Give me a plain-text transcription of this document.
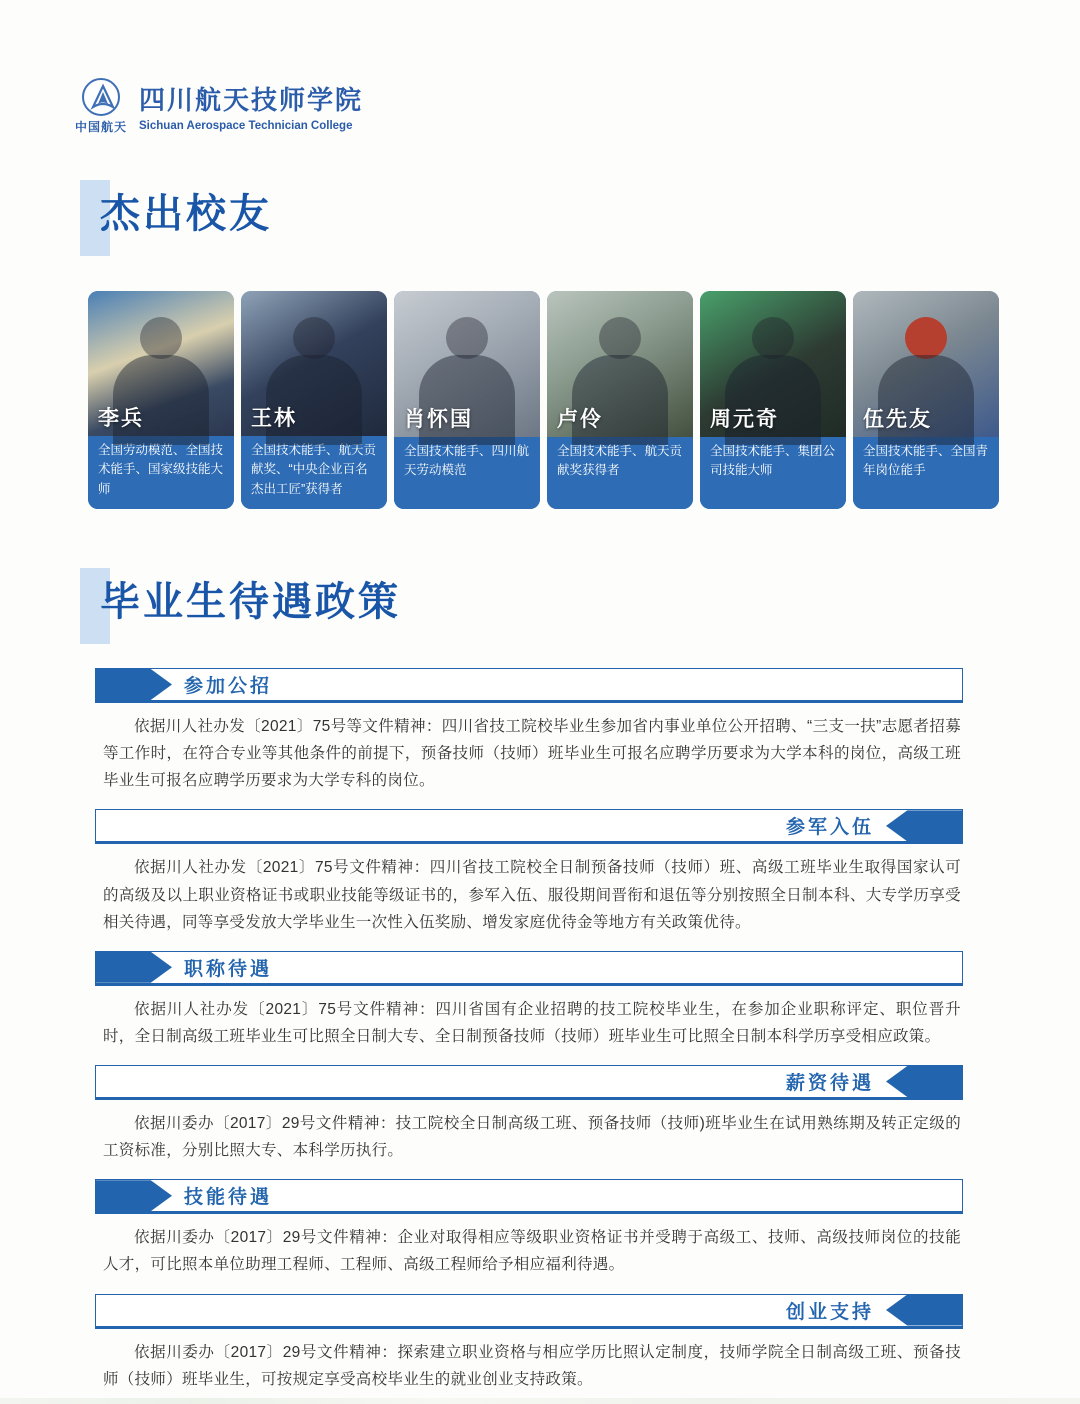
中国航天
四川航天技师学院
Sichuan Aerospace Technician College
杰出校友
李兵
全国劳动模范、全国技术能手、国家级技能大师
王林
全国技术能手、航天贡献奖、“中央企业百名杰出工匠”获得者
肖怀国
全国技术能手、四川航天劳动模范
卢伶
全国技术能手、航天贡献奖获得者
周元奇
全国技术能手、集团公司技能大师
伍先友
全国技术能手、全国青年岗位能手
毕业生待遇政策
参加公招
依据川人社办发〔2021〕75号等文件精神：四川省技工院校毕业生参加省内事业单位公开招聘、“三支一扶”志愿者招募等工作时，在符合专业等其他条件的前提下，预备技师（技师）班毕业生可报名应聘学历要求为大学本科的岗位，高级工班毕业生可报名应聘学历要求为大学专科的岗位。
参军入伍
依据川人社办发〔2021〕75号文件精神：四川省技工院校全日制预备技师（技师）班、高级工班毕业生取得国家认可的高级及以上职业资格证书或职业技能等级证书的，参军入伍、服役期间晋衔和退伍等分别按照全日制本科、大专学历享受相关待遇，同等享受发放大学毕业生一次性入伍奖励、增发家庭优待金等地方有关政策优待。
职称待遇
依据川人社办发〔2021〕75号文件精神：四川省国有企业招聘的技工院校毕业生，在参加企业职称评定、职位晋升时，全日制高级工班毕业生可比照全日制大专、全日制预备技师（技师）班毕业生可比照全日制本科学历享受相应政策。
薪资待遇
依据川委办〔2017〕29号文件精神：技工院校全日制高级工班、预备技师（技师)班毕业生在试用熟练期及转正定级的工资标准，分别比照大专、本科学历执行。
技能待遇
依据川委办〔2017〕29号文件精神：企业对取得相应等级职业资格证书并受聘于高级工、技师、高级技师岗位的技能人才，可比照本单位助理工程师、工程师、高级工程师给予相应福利待遇。
创业支持
依据川委办〔2017〕29号文件精神：探索建立职业资格与相应学历比照认定制度，技师学院全日制高级工班、预备技师（技师）班毕业生，可按规定享受高校毕业生的就业创业支持政策。
